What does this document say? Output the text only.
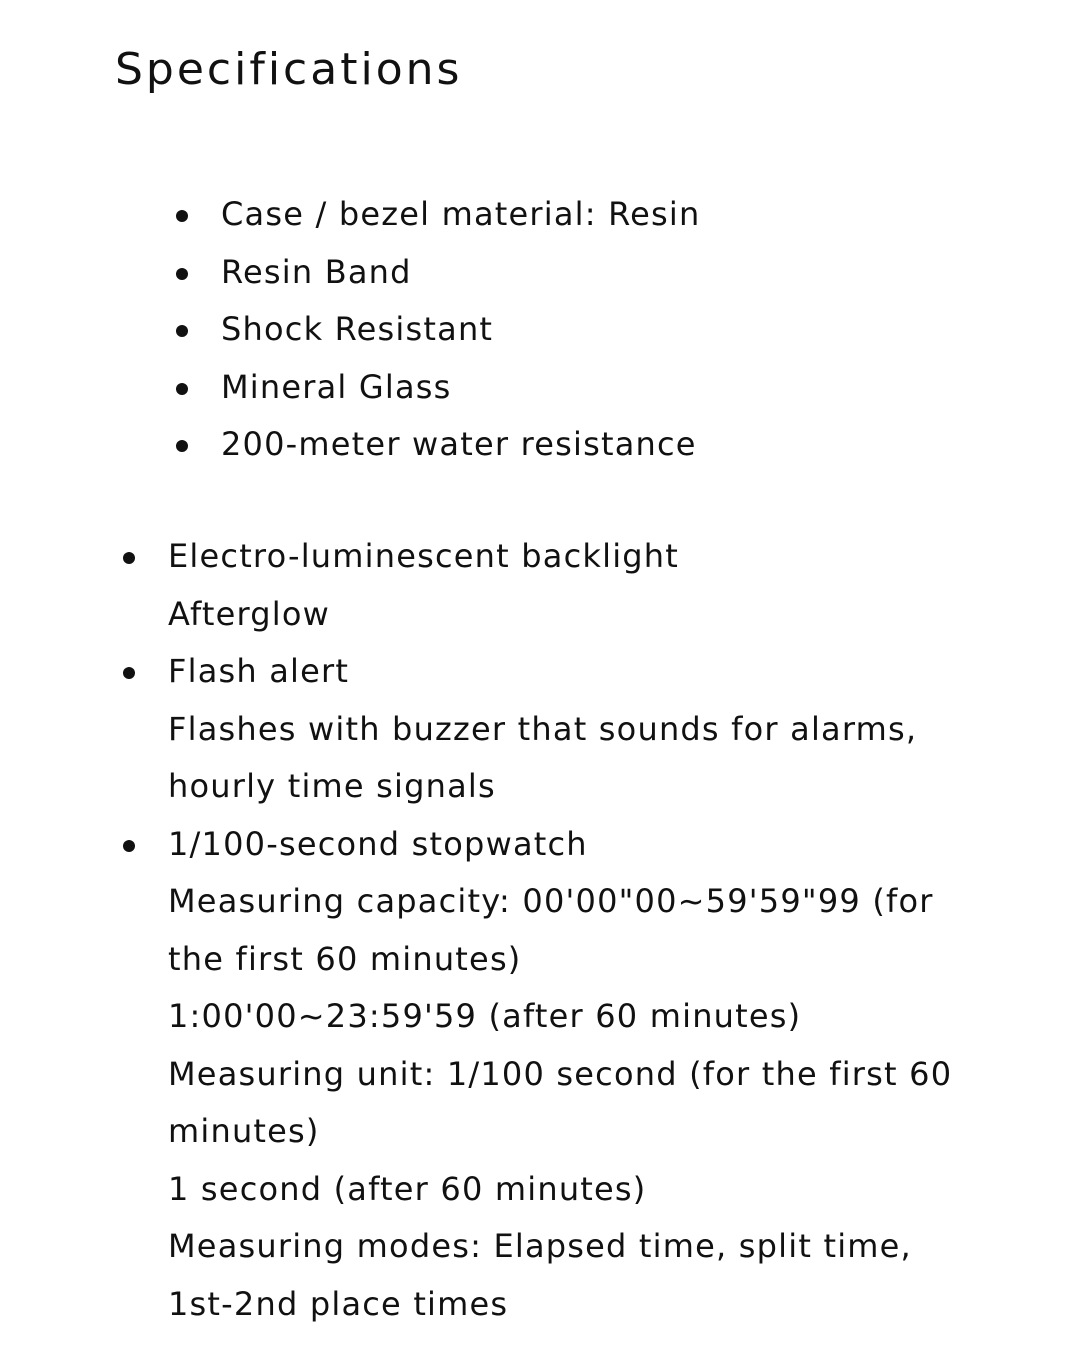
Specifications
Case / bezel material: Resin
Resin Band
Shock Resistant
Mineral Glass
200-meter water resistance
Electro-luminescent backlight
Afterglow
Flash alert
Flashes with buzzer that sounds for alarms,
hourly time signals
1/100-second stopwatch
Measuring capacity: 00'00"00~59'59"99 (for
the first 60 minutes)
1:00'00~23:59'59 (after 60 minutes)
Measuring unit: 1/100 second (for the first 60
minutes)
1 second (after 60 minutes)
Measuring modes: Elapsed time, split time,
1st-2nd place times
